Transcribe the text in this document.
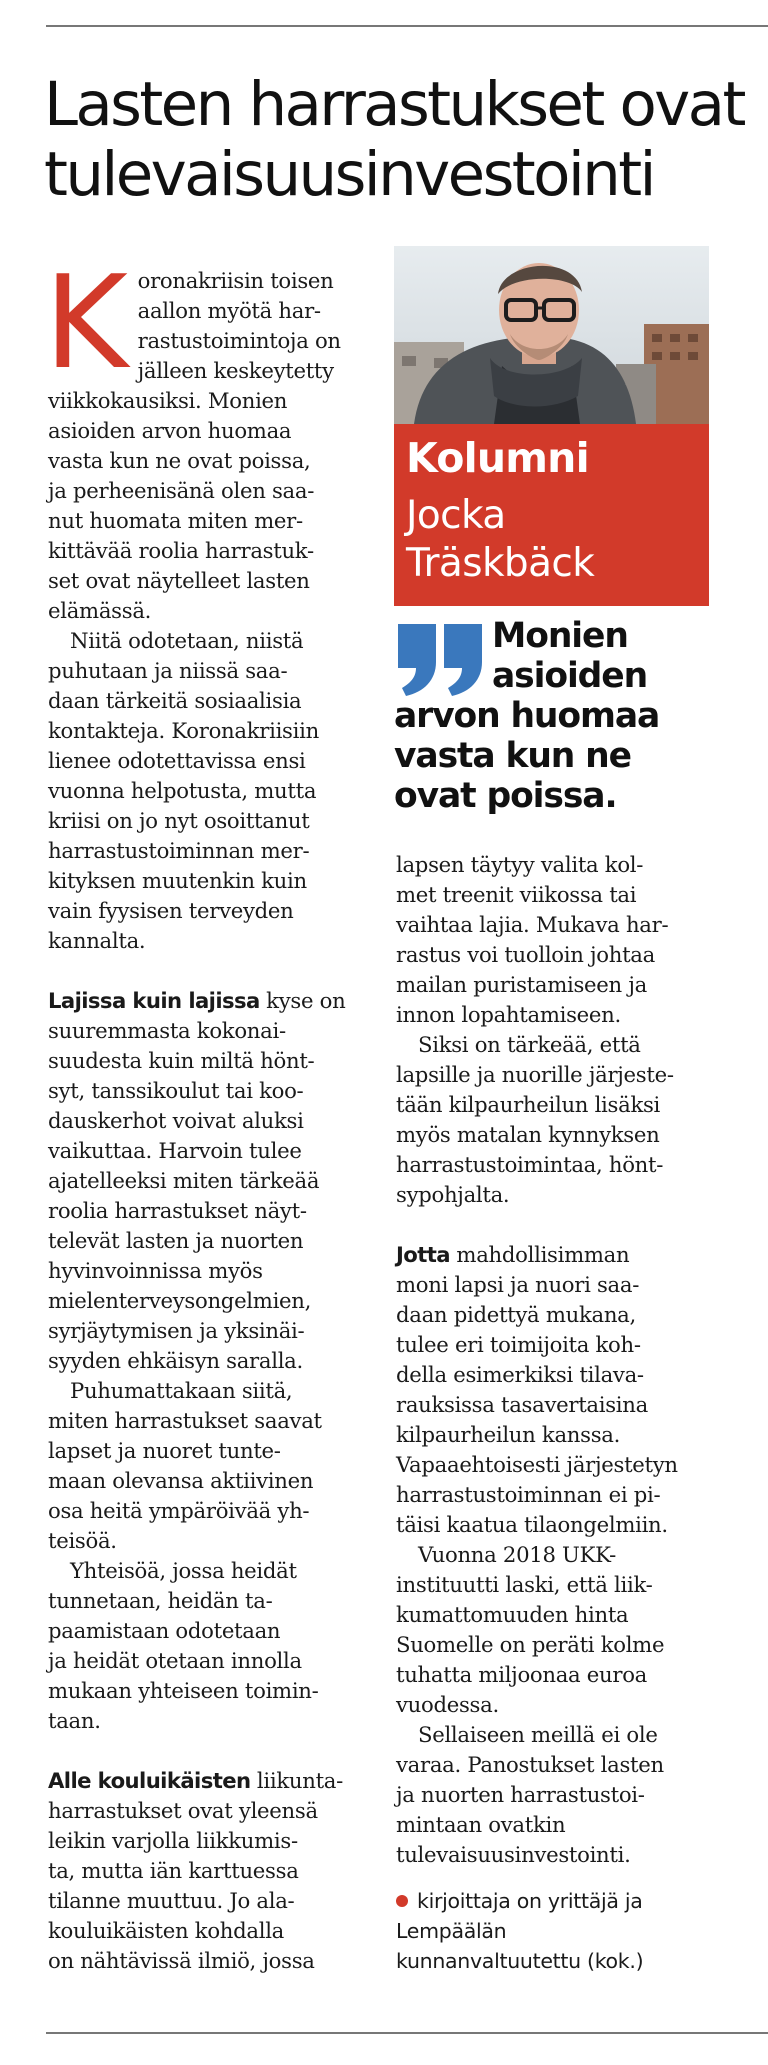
Lasten harrastukset ovat
tulevaisuusinvestointi
K oronakriisin toisen
aallon myötä har-
rastustoimintoja on
jälleen keskeytetty
viikkokausiksi. Monien
asioiden arvon huomaa
vasta kun ne ovat poissa,
ja perheenisänä olen saa-
nut huomata miten mer-
kittävää roolia harrastuk-
set ovat näytelleet lasten
elämässä.
Niitä odotetaan, niistä
puhutaan ja niissä saa-
daan tärkeitä sosiaalisia
kontakteja. Koronakriisiin
lienee odotettavissa ensi
vuonna helpotusta, mutta
kriisi on jo nyt osoittanut
harrastustoiminnan mer-
kityksen muutenkin kuin
vain fyysisen terveyden
kannalta.
Lajissa kuin lajissa kyse on
suuremmasta kokonai-
suudesta kuin miltä hönt-
syt, tanssikoulut tai koo-
dauskerhot voivat aluksi
vaikuttaa. Harvoin tulee
ajatelleeksi miten tärkeää
roolia harrastukset näyt-
televät lasten ja nuorten
hyvinvoinnissa myös
mielenterveysongelmien,
syrjäytymisen ja yksinäi-
syyden ehkäisyn saralla.
Puhumattakaan siitä,
miten harrastukset saavat
lapset ja nuoret tunte-
maan olevansa aktiivinen
osa heitä ympäröivää yh-
teisöä.
Yhteisöä, jossa heidät
tunnetaan, heidän ta-
paamistaan odotetaan
ja heidät otetaan innolla
mukaan yhteiseen toimin-
taan.
Alle kouluikäisten liikunta-
harrastukset ovat yleensä
leikin varjolla liikkumis-
ta, mutta iän karttuessa
tilanne muuttuu. Jo ala-
kouluikäisten kohdalla
on nähtävissä ilmiö, jossa
Kolumni
Jocka
Träskbäck
Monien
asioiden
arvon huomaa
vasta kun ne
ovat poissa.
lapsen täytyy valita kol-
met treenit viikossa tai
vaihtaa lajia. Mukava har-
rastus voi tuolloin johtaa
mailan puristamiseen ja
innon lopahtamiseen.
Siksi on tärkeää, että
lapsille ja nuorille järjeste-
tään kilpaurheilun lisäksi
myös matalan kynnyksen
harrastustoimintaa, hönt-
sypohjalta.
Jotta mahdollisimman
moni lapsi ja nuori saa-
daan pidettyä mukana,
tulee eri toimijoita koh-
della esimerkiksi tilava-
rauksissa tasavertaisina
kilpaurheilun kanssa.
Vapaaehtoisesti järjestetyn
harrastustoiminnan ei pi-
täisi kaatua tilaongelmiin.
Vuonna 2018 UKK-
instituutti laski, että liik-
kumattomuuden hinta
Suomelle on peräti kolme
tuhatta miljoonaa euroa
vuodessa.
Sellaiseen meillä ei ole
varaa. Panostukset lasten
ja nuorten harrastustoi-
mintaan ovatkin
tulevaisuusinvestointi.
kirjoittaja on yrittäjä ja
Lempäälän
kunnanvaltuutettu (kok.)
